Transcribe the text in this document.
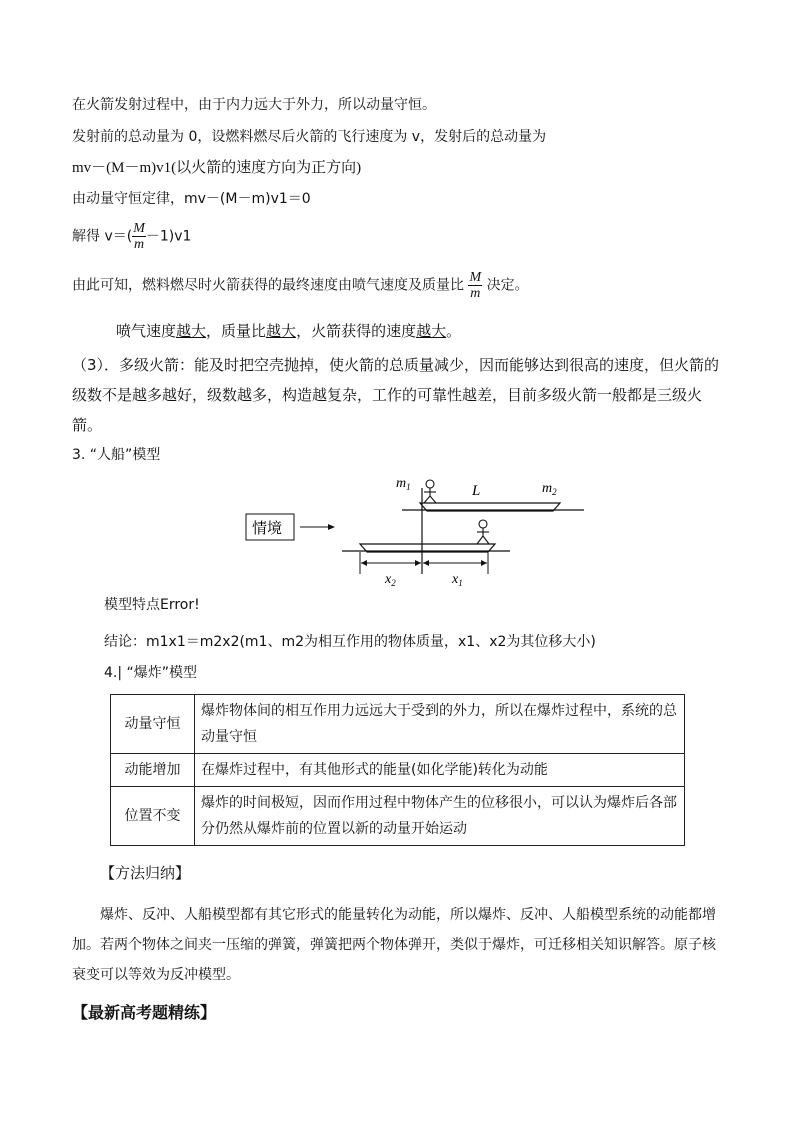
在火箭发射过程中，由于内力远大于外力，所以动量守恒。
发射前的总动量为 0，设燃料燃尽后火箭的飞行速度为 v，发射后的总动量为
mv－(M－m)v1(以火箭的速度方向为正方向)
由动量守恒定律，mv－(M－m)v1＝0
解得 $v=( \frac{M}{m} -1)v1$
由此可知，燃料燃尽时火箭获得的最终速度由喷气速度及质量比 $\frac{M}{m}$ 决定。
喷气速度越大，质量比越大，火箭获得的速度越大。
（3）．多级火箭：能及时把空壳抛掉，使火箭的总质量减少，因而能够达到很高的速度，但火箭的级数不是越多越好，级数越多，构造越复杂，工作的可靠性越差，目前多级火箭一般都是三级火箭。
3. “人船”模型
$m_1$	L	$m_2$
$x_2$	$x_1$
情境
模型特点Error!
结论：m1x1＝m2x2(m1、m2为相互作用的物体质量，x1、x2为其位移大小)
4.| “爆炸”模型
动量守恒	爆炸物体间的相互作用力远远大于受到的外力，所以在爆炸过程中，系统的总动量守恒
动能增加	在爆炸过程中，有其他形式的能量(如化学能)转化为动能
位置不变	爆炸的时间极短，因而作用过程中物体产生的位移很小，可以认为爆炸后各部分仍然从爆炸前的位置以新的动量开始运动
【方法归纳】
爆炸、反冲、人船模型都有其它形式的能量转化为动能，所以爆炸、反冲、人船模型系统的动能都增加。若两个物体之间夹一压缩的弹簧，弹簧把两个物体弹开，类似于爆炸，可迁移相关知识解答。原子核衰变可以等效为反冲模型。
【最新高考题精练】
